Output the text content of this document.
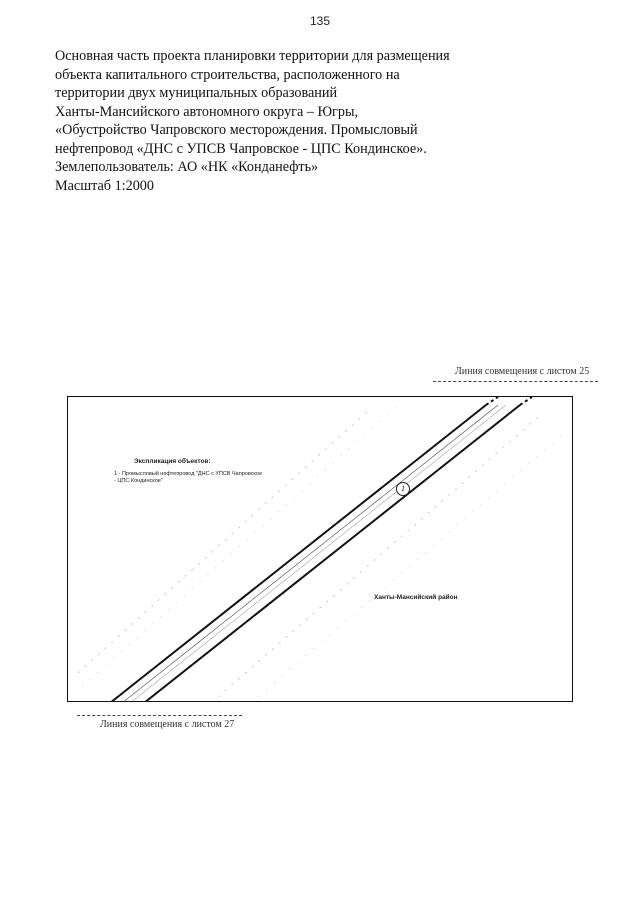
135
Основная часть проекта планировки территории для размещения
объекта капитального строительства, расположенного на
территории двух муниципальных образований
Ханты-Мансийского автономного округа – Югры,
«Обустройство Чапровского месторождения. Промысловый
нефтепровод «ДНС с УПСВ Чапровское - ЦПС Кондинское».
Землепользователь: АО «НК «Конданефть»
Масштаб 1:2000
Линия совмещения с листом 25
Экспликация объектов:
1 - Промысловый нефтепровод "ДНС с УПСВ Чапровское
- ЦПС Кондинское"
1
Ханты-Мансийский район
Линия совмещения с листом 27
